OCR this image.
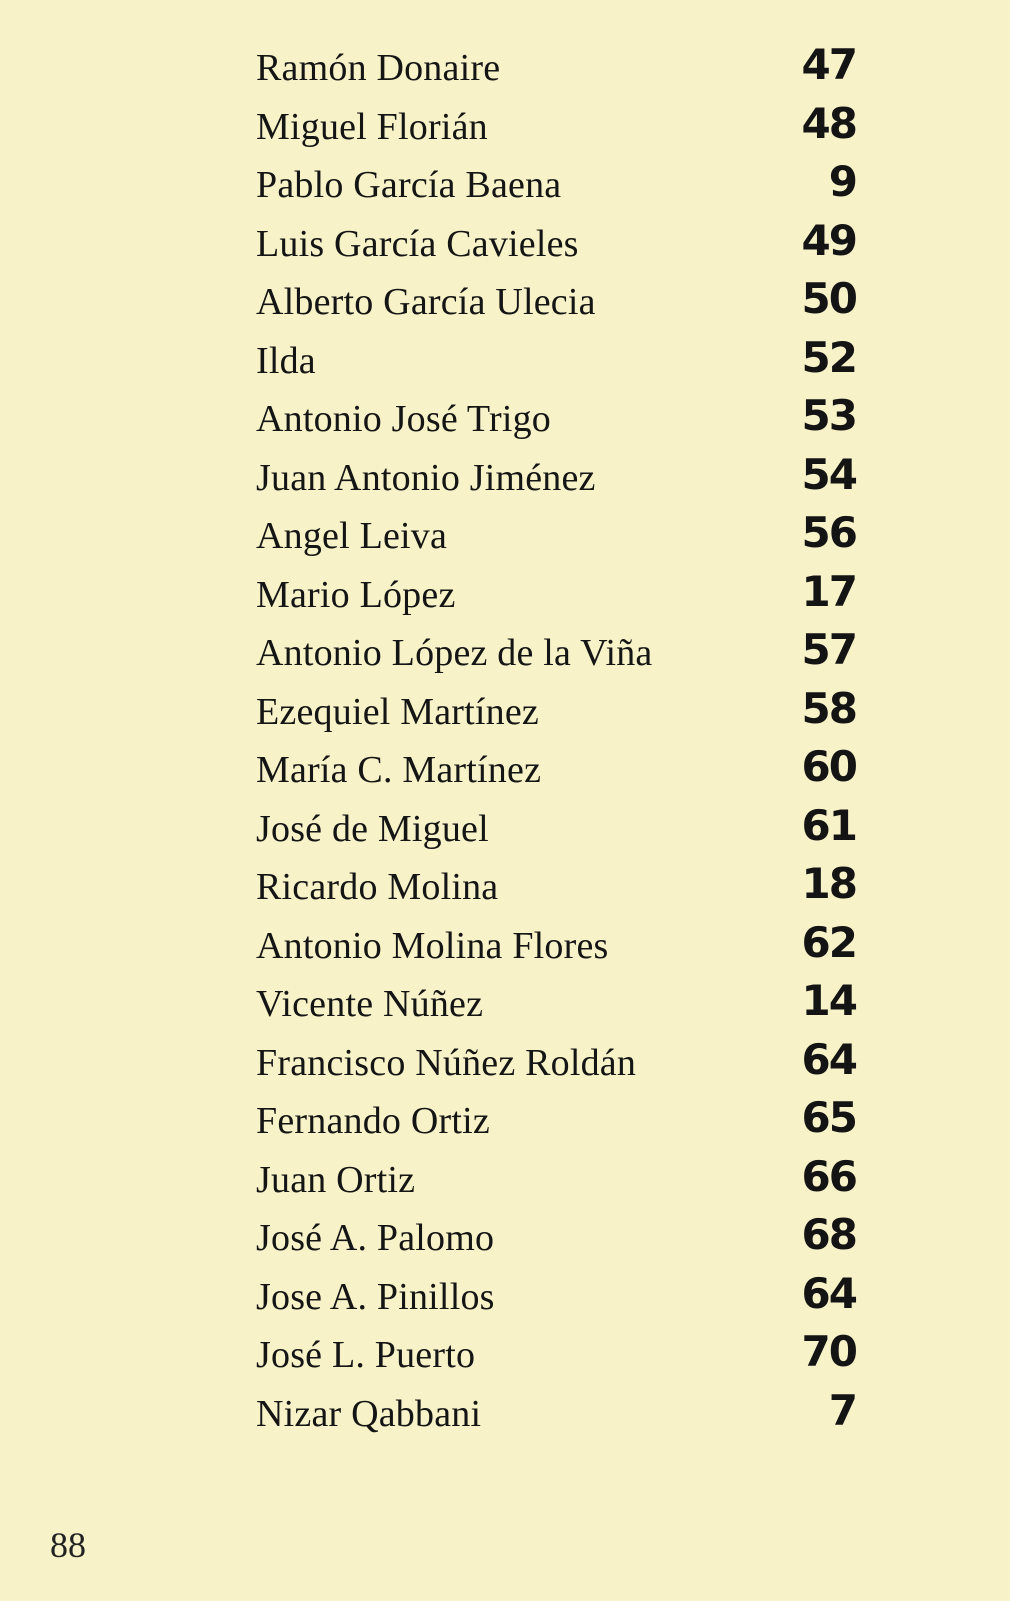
Ramón Donaire	47
Miguel Florián	48
Pablo García Baena	9
Luis García Cavieles	49
Alberto García Ulecia	50
Ilda	52
Antonio José Trigo	53
Juan Antonio Jiménez	54
Angel Leiva	56
Mario López	17
Antonio López de la Viña	57
Ezequiel Martínez	58
María C. Martínez	60
José de Miguel	61
Ricardo Molina	18
Antonio Molina Flores	62
Vicente Núñez	14
Francisco Núñez Roldán	64
Fernando Ortiz	65
Juan Ortiz	66
José A. Palomo	68
Jose A. Pinillos	64
José L. Puerto	70
Nizar Qabbani	7
88
